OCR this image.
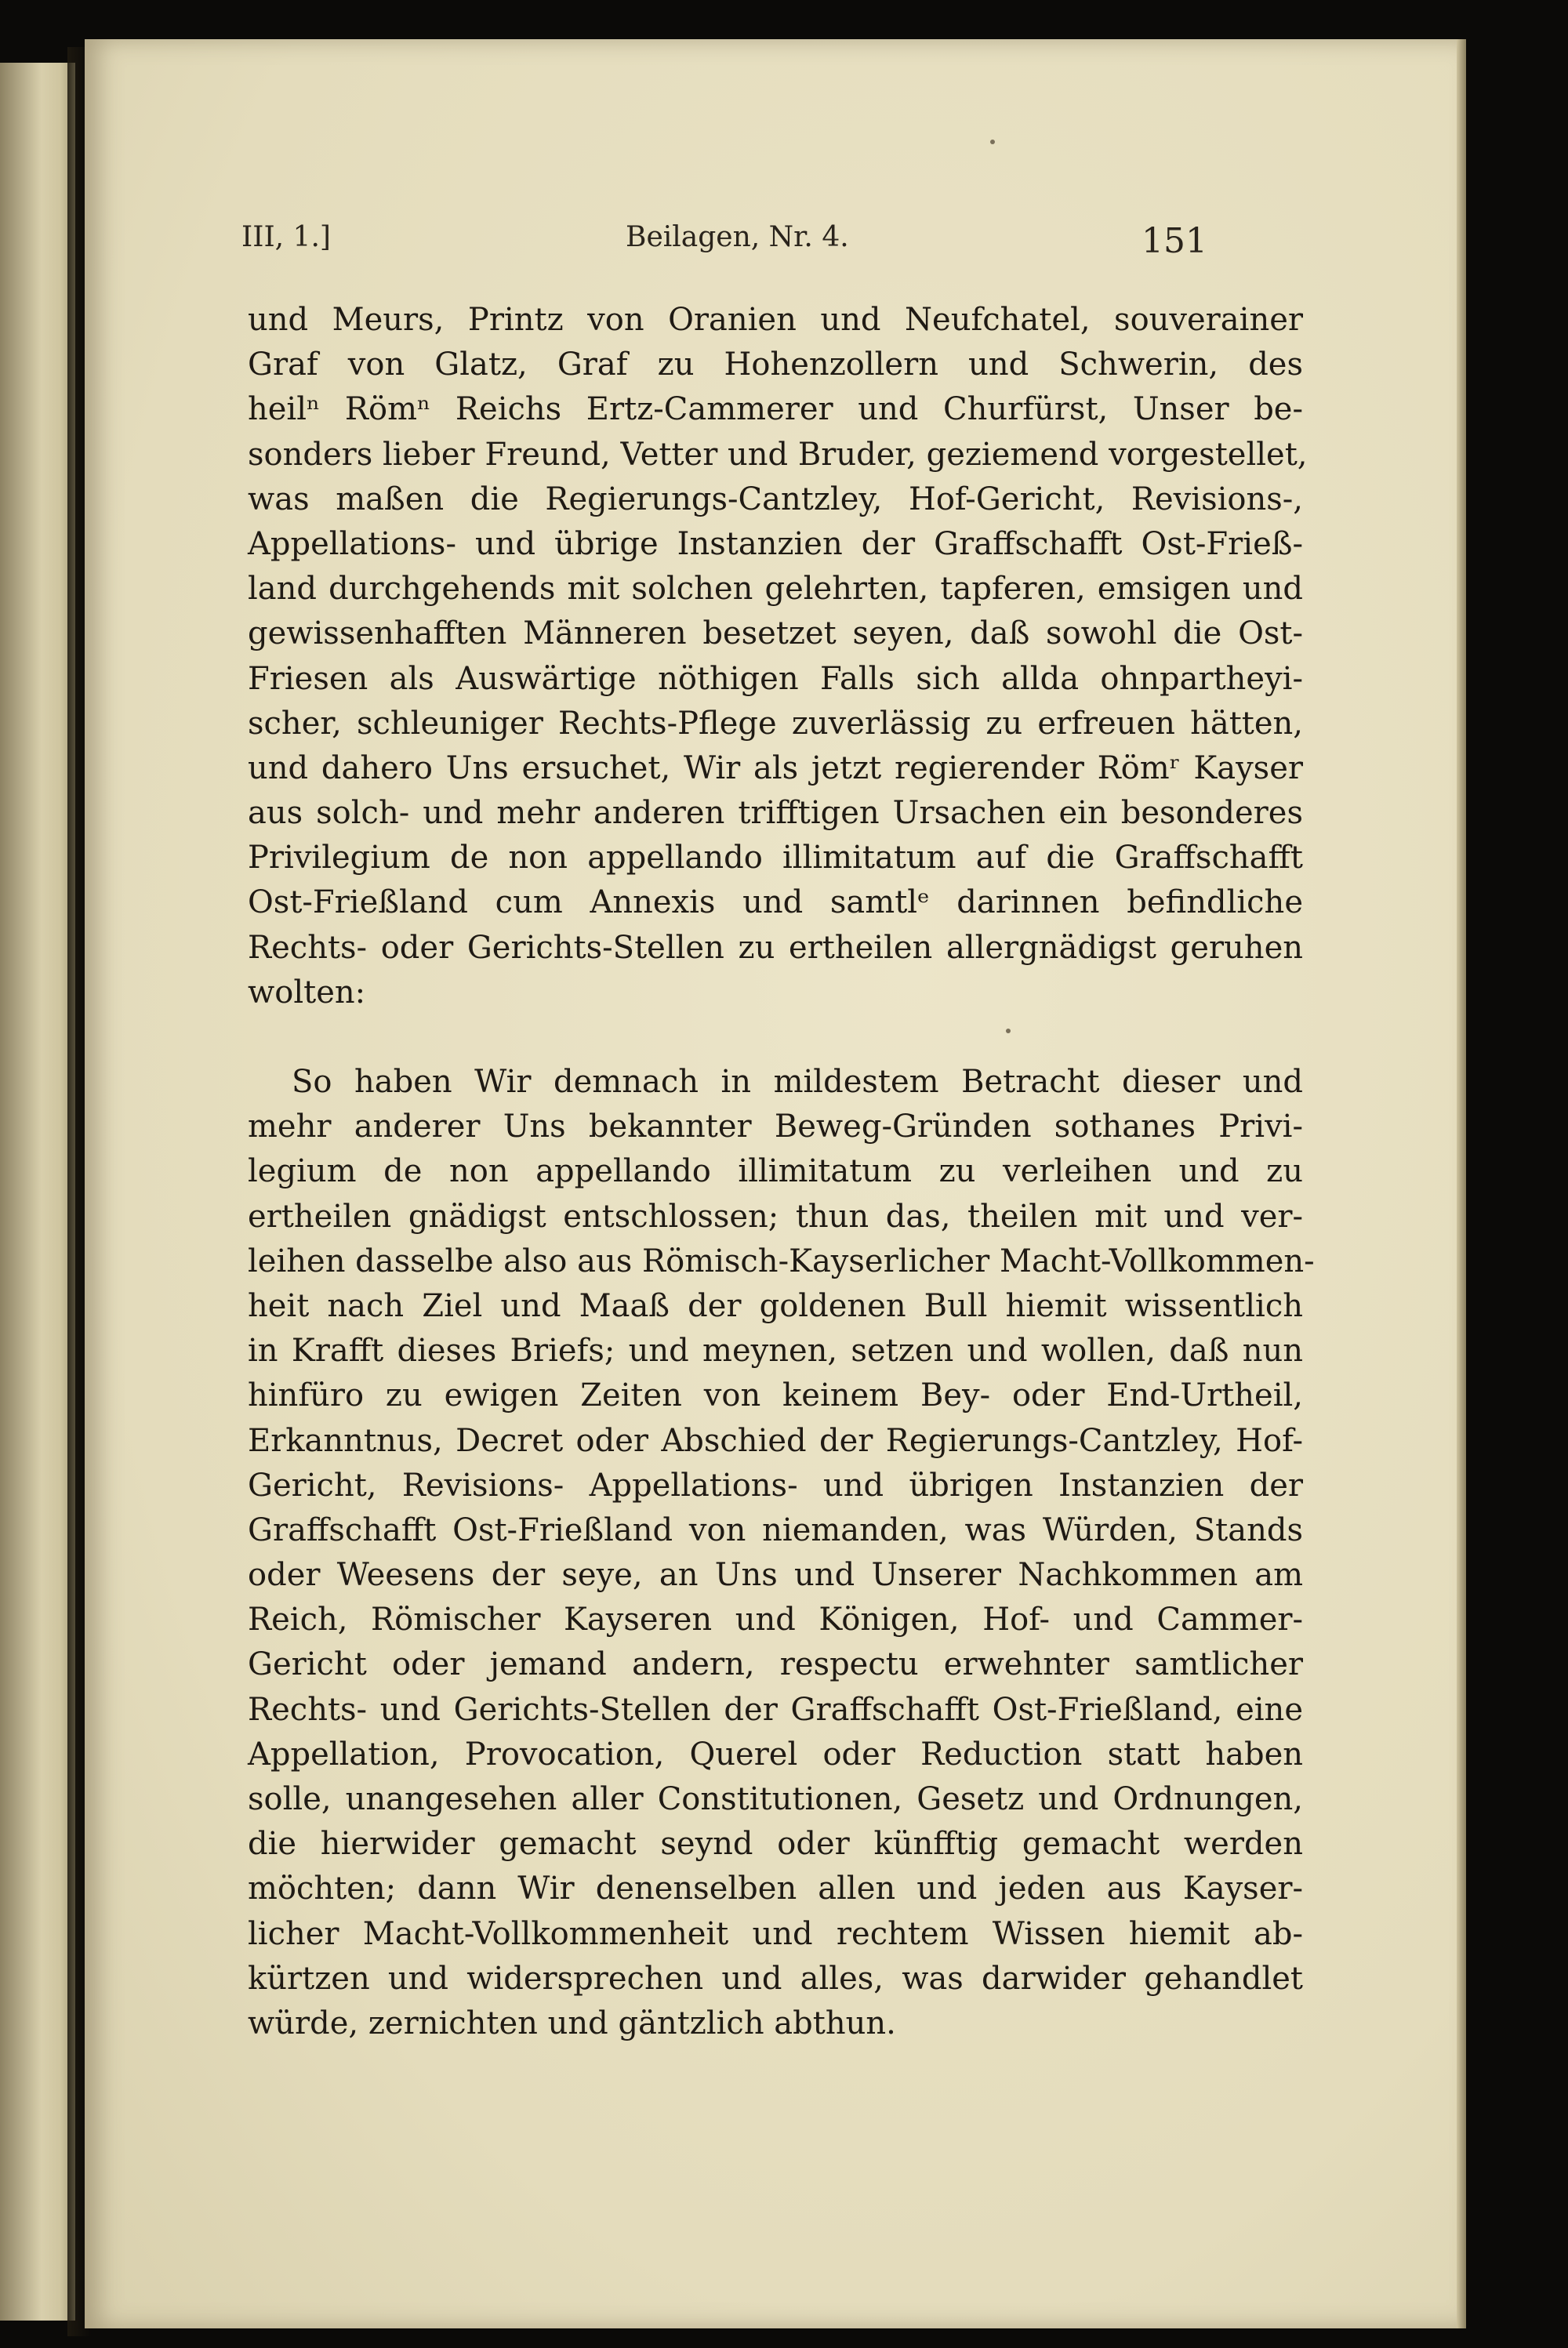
III, 1.]	Beilagen, Nr. 4.	151
und Meurs, Printz von Oranien und Neufchatel, souverainer
Graf von Glatz, Graf zu Hohenzollern und Schwerin, des
heilⁿ Römⁿ Reichs Ertz-Cammerer und Churfürst, Unser be-
sonders lieber Freund, Vetter und Bruder, geziemend vorgestellet,
was maßen die Regierungs-Cantzley, Hof-Gericht, Revisions-,
Appellations- und übrige Instanzien der Graffschafft Ost-Frieß-
land durchgehends mit solchen gelehrten, tapferen, emsigen und
gewissenhafften Männeren besetzet seyen, daß sowohl die Ost-
Friesen als Auswärtige nöthigen Falls sich allda ohnpartheyi-
scher, schleuniger Rechts-Pflege zuverlässig zu erfreuen hätten,
und dahero Uns ersuchet, Wir als jetzt regierender Römʳ Kayser
aus solch- und mehr anderen trifftigen Ursachen ein besonderes
Privilegium de non appellando illimitatum auf die Graffschafft
Ost-Frießland cum Annexis und samtlᵉ darinnen befindliche
Rechts- oder Gerichts-Stellen zu ertheilen allergnädigst geruhen
wolten:
So haben Wir demnach in mildestem Betracht dieser und
mehr anderer Uns bekannter Beweg-Gründen sothanes Privi-
legium de non appellando illimitatum zu verleihen und zu
ertheilen gnädigst entschlossen; thun das, theilen mit und ver-
leihen dasselbe also aus Römisch-Kayserlicher Macht-Vollkommen-
heit nach Ziel und Maaß der goldenen Bull hiemit wissentlich
in Krafft dieses Briefs; und meynen, setzen und wollen, daß nun
hinfüro zu ewigen Zeiten von keinem Bey- oder End-Urtheil,
Erkanntnus, Decret oder Abschied der Regierungs-Cantzley, Hof-
Gericht, Revisions- Appellations- und übrigen Instanzien der
Graffschafft Ost-Frießland von niemanden, was Würden, Stands
oder Weesens der seye, an Uns und Unserer Nachkommen am
Reich, Römischer Kayseren und Königen, Hof- und Cammer-
Gericht oder jemand andern, respectu erwehnter samtlicher
Rechts- und Gerichts-Stellen der Graffschafft Ost-Frießland, eine
Appellation, Provocation, Querel oder Reduction statt haben
solle, unangesehen aller Constitutionen, Gesetz und Ordnungen,
die hierwider gemacht seynd oder künfftig gemacht werden
möchten; dann Wir denenselben allen und jeden aus Kayser-
licher Macht-Vollkommenheit und rechtem Wissen hiemit ab-
kürtzen und widersprechen und alles, was darwider gehandlet
würde, zernichten und gäntzlich abthun.
